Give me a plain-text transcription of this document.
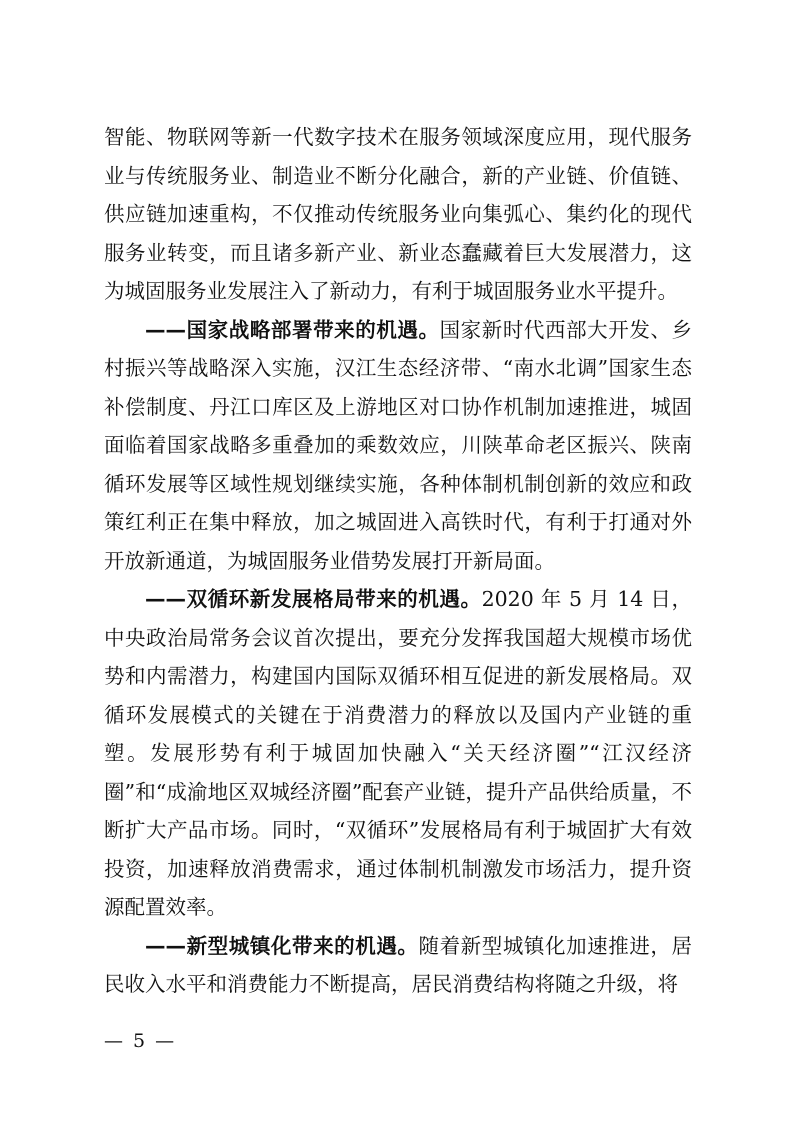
智能、物联网等新一代数字技术在服务领域深度应用，现代服务业与传统服务业、制造业不断分化融合，新的产业链、价值链、供应链加速重构，不仅推动传统服务业向集弧心、集约化的现代服务业转变，而且诸多新产业、新业态蠢藏着巨大发展潜力，这为城固服务业发展注入了新动力，有利于城固服务业水平提升。

——国家战略部署带来的机遇。国家新时代西部大开发、乡村振兴等战略深入实施，汉江生态经济带、“南水北调”国家生态补偿制度、丹江口库区及上游地区对口协作机制加速推进，城固面临着国家战略多重叠加的乘数效应，川陕革命老区振兴、陕南循环发展等区域性规划继续实施，各种体制机制创新的效应和政策红利正在集中释放，加之城固进入高铁时代，有利于打通对外开放新通道，为城固服务业借势发展打开新局面。

——双循环新发展格局带来的机遇。2020 年 5 月 14 日，中央政治局常务会议首次提出，要充分发挥我国超大规模市场优势和内需潜力，构建国内国际双循环相互促进的新发展格局。双循环发展模式的关键在于消费潜力的释放以及国内产业链的重塑。发展形势有利于城固加快融入“关天经济圈”“江汉经济圈”和“成渝地区双城经济圈”配套产业链，提升产品供给质量，不断扩大产品市场。同时，“双循环”发展格局有利于城固扩大有效投资，加速释放消费需求，通过体制机制激发市场活力，提升资源配置效率。

——新型城镇化带来的机遇。随着新型城镇化加速推进，居民收入水平和消费能力不断提高，居民消费结构将随之升级，将

— 5 —
